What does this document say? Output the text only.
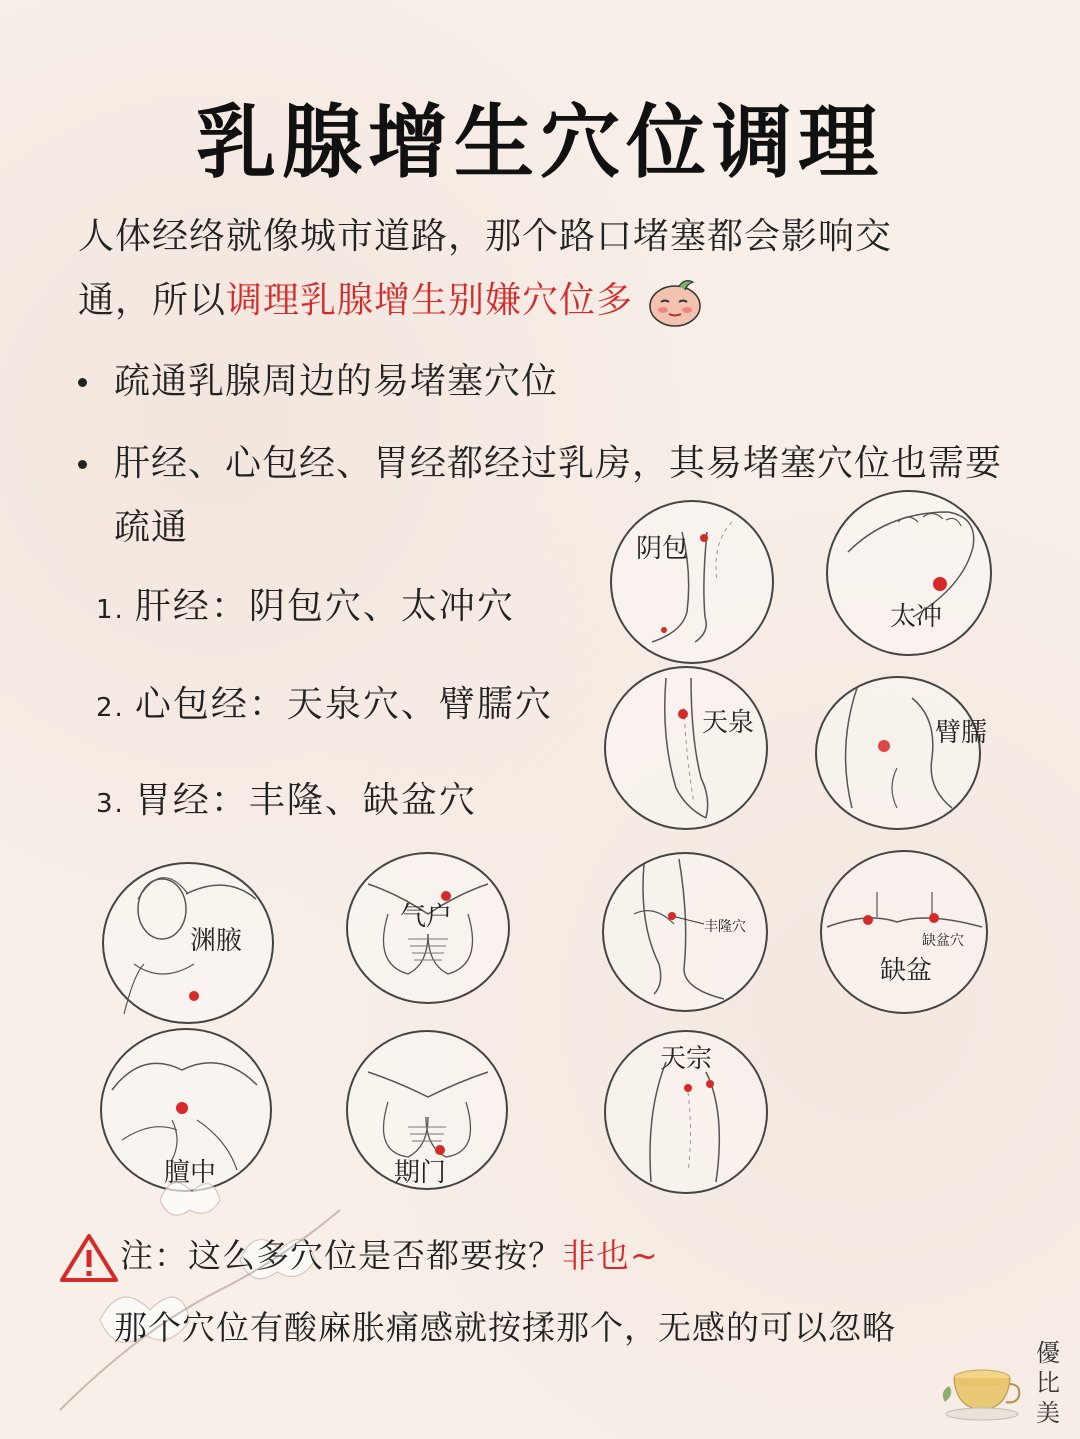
乳腺增生穴位调理
人体经络就像城市道路，那个路口堵塞都会影响交
通，所以调理乳腺增生别嫌穴位多
疏通乳腺周边的易堵塞穴位
肝经、心包经、胃经都经过乳房，其易堵塞穴位也需要疏通
1. 肝经：阴包穴、太冲穴
2. 心包经：天泉穴、臂臑穴
3. 胃经：丰隆、缺盆穴
阴包
太冲
天泉	臂臑
渊腋
气户	丰隆穴
缺盆穴
缺盆
膻中	期门
天宗
注：这么多穴位是否都要按？非也~
那个穴位有酸麻胀痛感就按揉那个，无感的可以忽略
優比美
